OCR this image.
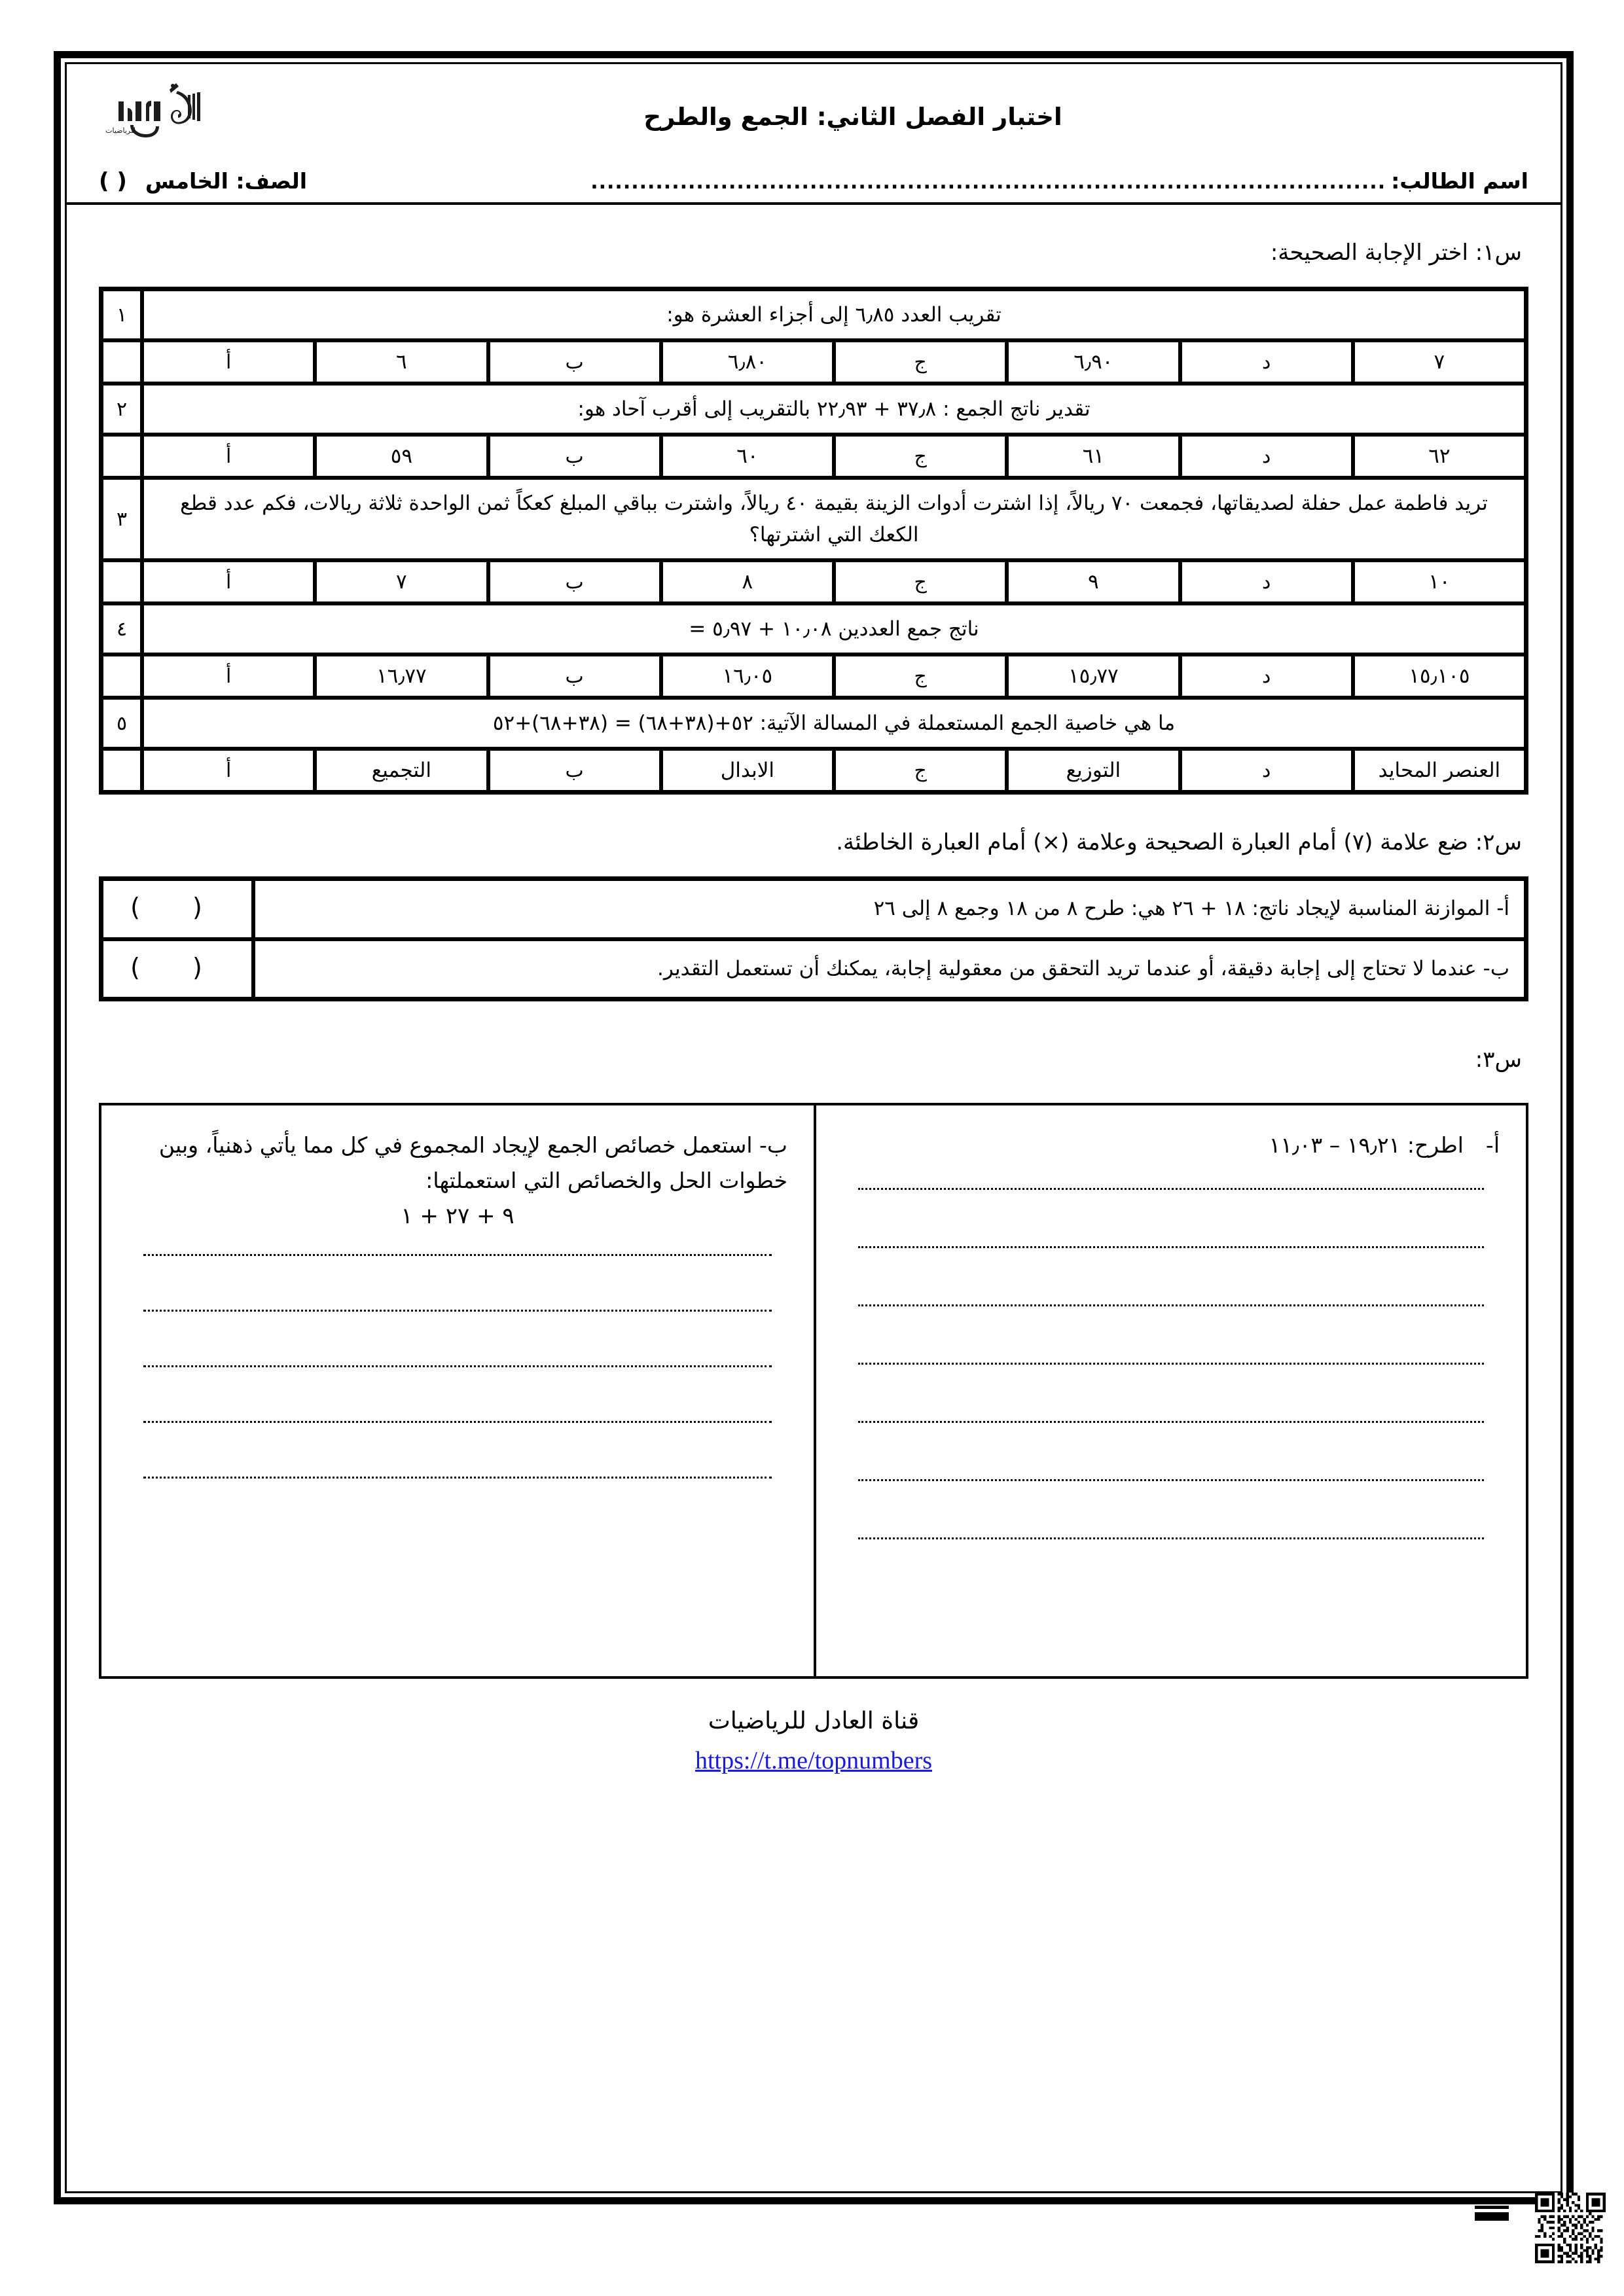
اختبار الفصل الثاني: الجمع والطرح
للرياضيات
اسم الطالب:
..................................................................................................
الصف: الخامس
( )
س١: اختر الإجابة الصحيحة:
تقريب العدد ٦٫٨٥ إلى أجزاء العشرة هو:								١
٧	د	٦٫٩٠	ج	٦٫٨٠	ب	٦	أ	
تقدير ناتج الجمع : ٣٧٫٨ + ٢٢٫٩٣ بالتقريب إلى أقرب آحاد هو:								٢
٦٢	د	٦١	ج	٦٠	ب	٥٩	أ	
تريد فاطمة عمل حفلة لصديقاتها، فجمعت ٧٠ ريالاً، إذا اشترت أدوات الزينة بقيمة ٤٠ ريالاً، واشترت بباقي المبلغ كعكاً ثمن الواحدة ثلاثة ريالات، فكم عدد قطع الكعك التي اشترتها؟								٣
١٠	د	٩	ج	٨	ب	٧	أ	
ناتج جمع العددين ١٠٫٠٨ + ٥٫٩٧ =								٤
١٥٫١٠٥	د	١٥٫٧٧	ج	١٦٫٠٥	ب	١٦٫٧٧	أ	
ما هي خاصية الجمع المستعملة في المسالة الآتية: ٥٢+(٣٨+٦٨) = (٣٨+٦٨)+٥٢								٥
العنصر المحايد	د	التوزيع	ج	الابدال	ب	التجميع	أ	
س٢: ضع علامة (٧) أمام العبارة الصحيحة وعلامة (×) أمام العبارة الخاطئة.
أ- الموازنة المناسبة لإيجاد ناتج: ١٨ + ٢٦ هي: طرح ٨ من ١٨ وجمع ٨ إلى ٢٦	( )
ب- عندما لا تحتاج إلى إجابة دقيقة، أو عندما تريد التحقق من معقولية إجابة، يمكنك أن تستعمل التقدير.	( )
س٣:
أ-اطرح: ١٩٫٢١ – ١١٫٠٣
ب- استعمل خصائص الجمع لإيجاد المجموع في كل مما يأتي ذهنياً، وبين خطوات الحل والخصائص التي استعملتها:
٩ + ٢٧ + ١
قناة العادل للرياضيات
https://t.me/topnumbers
